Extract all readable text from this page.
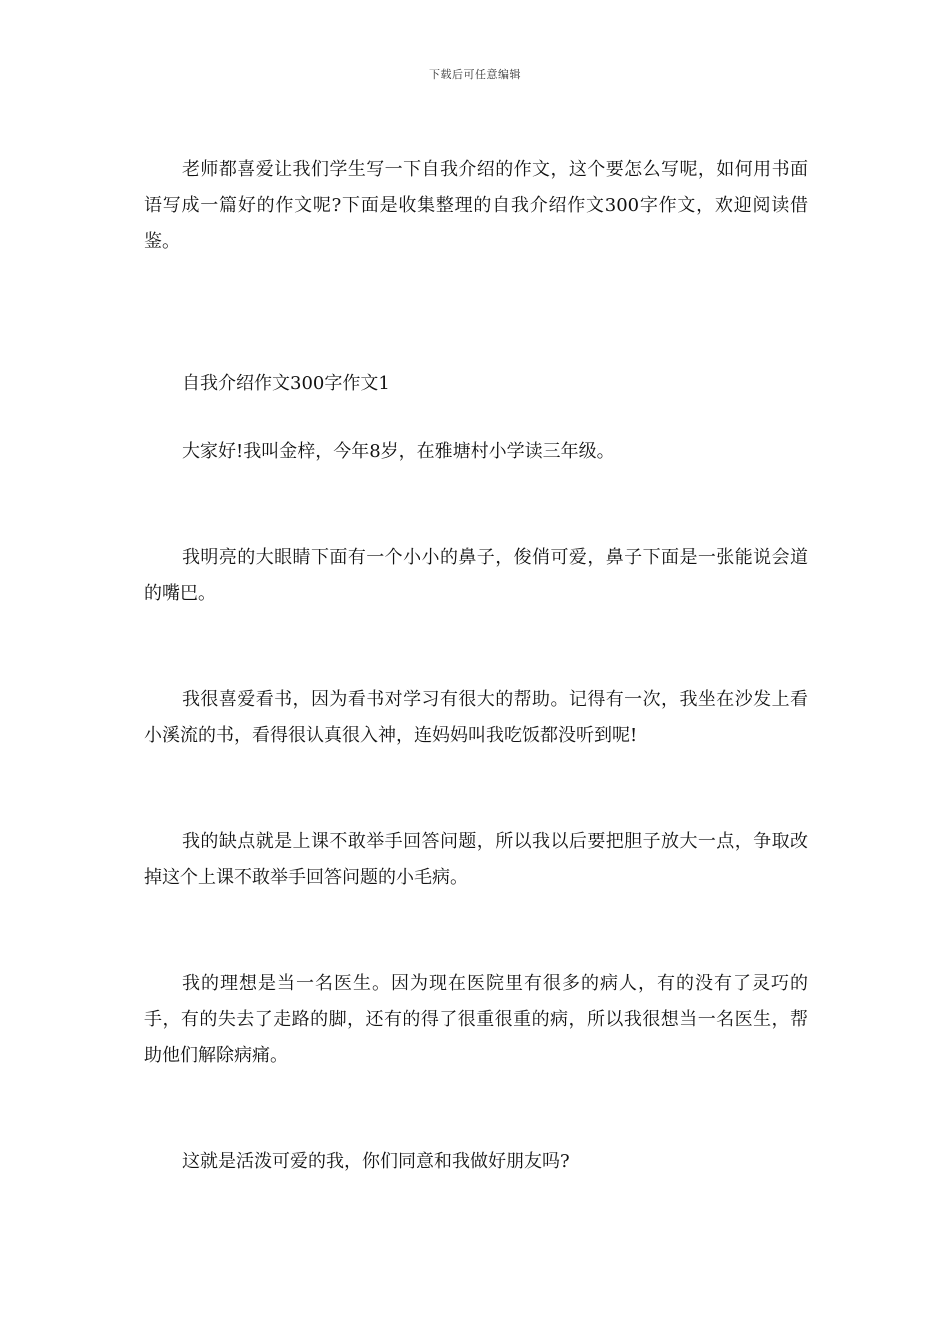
下载后可任意编辑

老师都喜爱让我们学生写一下自我介绍的作文，这个要怎么写呢，如何用书面语写成一篇好的作文呢?下面是收集整理的自我介绍作文300字作文，欢迎阅读借鉴。

自我介绍作文300字作文1

大家好!我叫金梓，今年8岁，在雅塘村小学读三年级。

我明亮的大眼睛下面有一个小小的鼻子，俊俏可爱，鼻子下面是一张能说会道的嘴巴。

我很喜爱看书，因为看书对学习有很大的帮助。记得有一次，我坐在沙发上看小溪流的书，看得很认真很入神，连妈妈叫我吃饭都没听到呢!

我的缺点就是上课不敢举手回答问题，所以我以后要把胆子放大一点，争取改掉这个上课不敢举手回答问题的小毛病。

我的理想是当一名医生。因为现在医院里有很多的病人，有的没有了灵巧的手，有的失去了走路的脚，还有的得了很重很重的病，所以我很想当一名医生，帮助他们解除病痛。

这就是活泼可爱的我，你们同意和我做好朋友吗?
